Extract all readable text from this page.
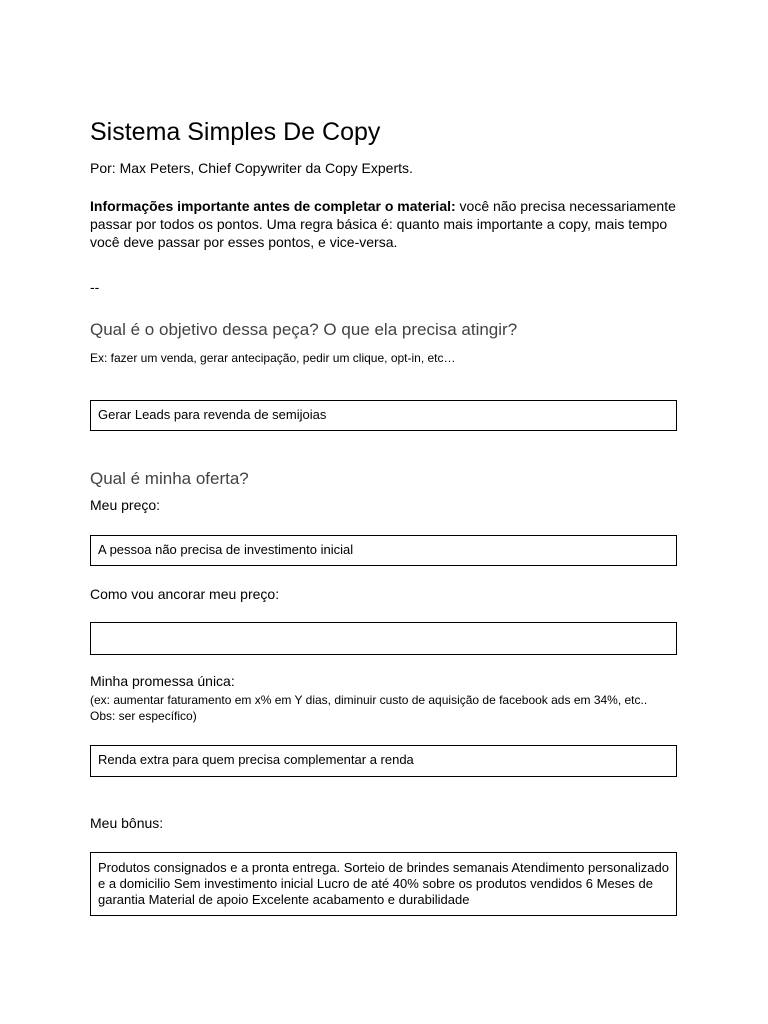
Sistema Simples De Copy
Por: Max Peters, Chief Copywriter da Copy Experts.
Informações importante antes de completar o material: você não precisa necessariamente passar por todos os pontos. Uma regra básica é: quanto mais importante a copy, mais tempo você deve passar por esses pontos, e vice-versa.
--
Qual é o objetivo dessa peça? O que ela precisa atingir?
Ex: fazer um venda, gerar antecipação, pedir um clique, opt-in, etc…
Gerar Leads para revenda de semijoias
Qual é minha oferta?
Meu preço:
A pessoa não precisa de investimento inicial
Como vou ancorar meu preço:
Minha promessa única:
(ex: aumentar faturamento em x% em Y dias, diminuir custo de aquisição de facebook ads em 34%, etc..
Obs: ser específico)
Renda extra para quem precisa complementar a renda
Meu bônus:
Produtos consignados e a pronta entrega. Sorteio de brindes semanais Atendimento personalizado e a domicilio Sem investimento inicial Lucro de até 40% sobre os produtos vendidos 6 Meses de garantia Material de apoio Excelente acabamento e durabilidade
